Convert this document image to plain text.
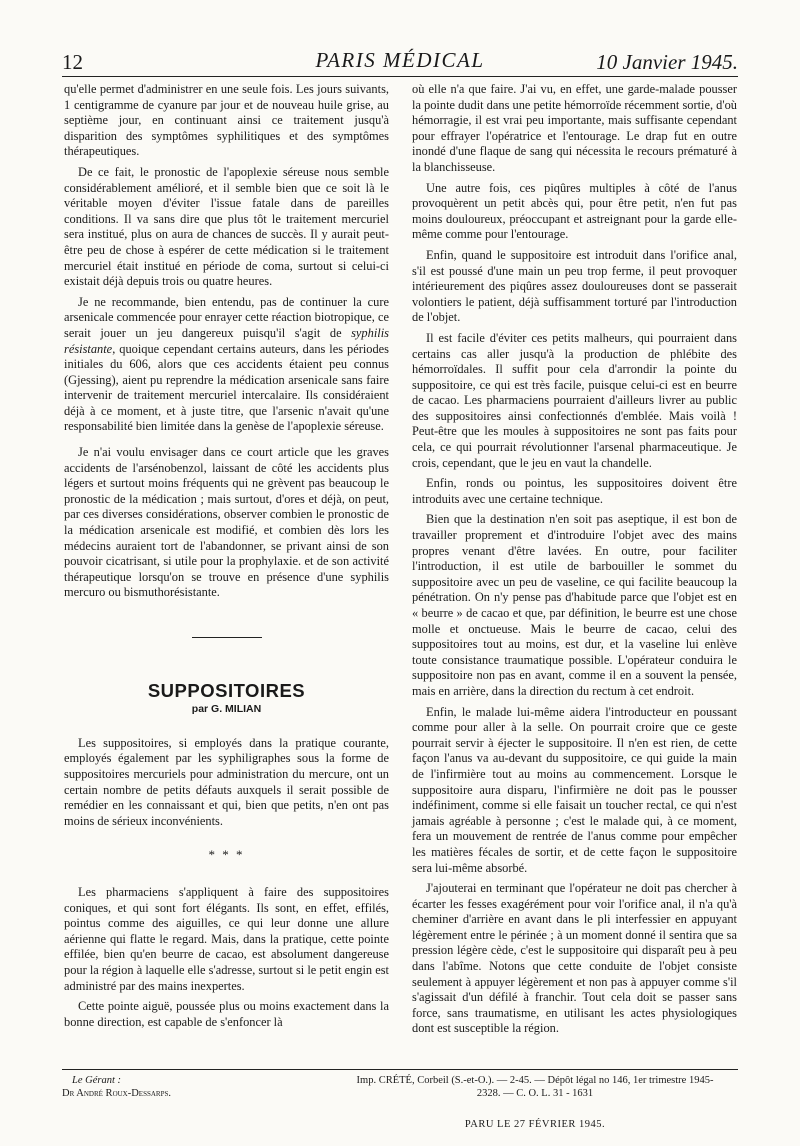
12	PARIS MÉDICAL	10 Janvier 1945.

qu'elle permet d'administrer en une seule fois. Les jours suivants, 1 centigramme de cyanure par jour et de nouveau huile grise, au septième jour, en continuant ainsi ce traitement jusqu'à disparition des symptômes syphilitiques et des symptômes thérapeutiques.

De ce fait, le pronostic de l'apoplexie séreuse nous semble considérablement amélioré, et il semble bien que ce soit là le véritable moyen d'éviter l'issue fatale dans de pareilles conditions. Il va sans dire que plus tôt le traitement mercuriel sera institué, plus on aura de chances de succès. Il y aurait peut-être peu de chose à espérer de cette médication si le traitement mercuriel était institué en période de coma, surtout si celui-ci existait déjà depuis trois ou quatre heures.

Je ne recommande, bien entendu, pas de continuer la cure arsenicale commencée pour enrayer cette réaction biotropique, ce serait jouer un jeu dangereux puisqu'il s'agit de syphilis résistante, quoique cependant certains auteurs, dans les périodes initiales du 606, alors que ces accidents étaient peu connus (Gjessing), aient pu reprendre la médication arsenicale sans faire intervenir de traitement mercuriel intercalaire. Ils considéraient déjà à ce moment, et à juste titre, que l'arsenic n'avait qu'une responsabilité bien limitée dans la genèse de l'apoplexie séreuse.

Je n'ai voulu envisager dans ce court article que les graves accidents de l'arsénobenzol, laissant de côté les accidents plus légers et surtout moins fréquents qui ne grèvent pas beaucoup le pronostic de la médication ; mais surtout, d'ores et déjà, on peut, par ces diverses considérations, observer combien le pronostic de la médication arsenicale est modifié, et combien dès lors les médecins auraient tort de l'abandonner, se privant ainsi de son pouvoir cicatrisant, si utile pour la prophylaxie. et de son activité thérapeutique lorsqu'on se trouve en présence d'une syphilis mercuro ou bismuthorésistante.

SUPPOSITOIRES
par G. MILIAN

Les suppositoires, si employés dans la pratique courante, employés également par les syphiligraphes sous la forme de suppositoires mercuriels pour administration du mercure, ont un certain nombre de petits défauts auxquels il serait possible de remédier en les connaissant et qui, bien que petits, n'en ont pas moins de sérieux inconvénients.

* * *

Les pharmaciens s'appliquent à faire des suppositoires coniques, et qui sont fort élégants. Ils sont, en effet, effilés, pointus comme des aiguilles, ce qui leur donne une allure aérienne qui flatte le regard. Mais, dans la pratique, cette pointe effilée, bien qu'en beurre de cacao, est absolument dangereuse pour la région à laquelle elle s'adresse, surtout si le petit engin est administré par des mains inexpertes.

Cette pointe aiguë, poussée plus ou moins exactement dans la bonne direction, est capable de s'enfoncer là

où elle n'a que faire. J'ai vu, en effet, une garde-malade pousser la pointe dudit dans une petite hémorroïde récemment sortie, d'où hémorragie, il est vrai peu importante, mais suffisante cependant pour effrayer l'opératrice et l'entourage. Le drap fut en outre inondé d'une flaque de sang qui nécessita le recours prématuré à la blanchisseuse.

Une autre fois, ces piqûres multiples à côté de l'anus provoquèrent un petit abcès qui, pour être petit, n'en fut pas moins douloureux, préoccupant et astreignant pour la garde elle-même comme pour l'entourage.

Enfin, quand le suppositoire est introduit dans l'orifice anal, s'il est poussé d'une main un peu trop ferme, il peut provoquer intérieurement des piqûres assez douloureuses dont se passerait volontiers le patient, déjà suffisamment torturé par l'introduction de l'objet.

Il est facile d'éviter ces petits malheurs, qui pourraient dans certains cas aller jusqu'à la production de phlébite des hémorroïdales. Il suffit pour cela d'arrondir la pointe du suppositoire, ce qui est très facile, puisque celui-ci est en beurre de cacao. Les pharmaciens pourraient d'ailleurs livrer au public des suppositoires ainsi confectionnés d'emblée. Mais voilà ! Peut-être que les moules à suppositoires ne sont pas faits pour cela, ce qui pourrait révolutionner l'arsenal pharmaceutique. Je crois, cependant, que le jeu en vaut la chandelle.

Enfin, ronds ou pointus, les suppositoires doivent être introduits avec une certaine technique.

Bien que la destination n'en soit pas aseptique, il est bon de travailler proprement et d'introduire l'objet avec des mains propres venant d'être lavées. En outre, pour faciliter l'introduction, il est utile de barbouiller le sommet du suppositoire avec un peu de vaseline, ce qui facilite beaucoup la pénétration. On n'y pense pas d'habitude parce que l'objet est en « beurre » de cacao et que, par définition, le beurre est une chose molle et onctueuse. Mais le beurre de cacao, celui des suppositoires tout au moins, est dur, et la vaseline lui enlève toute consistance traumatique possible. L'opérateur conduira le suppositoire non pas en avant, comme il en a souvent la pensée, mais en arrière, dans la direction du rectum à cet endroit.

Enfin, le malade lui-même aidera l'introducteur en poussant comme pour aller à la selle. On pourrait croire que ce geste pourrait servir à éjecter le suppositoire. Il n'en est rien, de cette façon l'anus va au-devant du suppositoire, ce qui guide la main de l'infirmière tout au moins au commencement. Lorsque le suppositoire aura disparu, l'infirmière ne doit pas le pousser indéfiniment, comme si elle faisait un toucher rectal, ce qui n'est jamais agréable à personne ; c'est le malade qui, à ce moment, fera un mouvement de rentrée de l'anus comme pour empêcher les matières fécales de sortir, et de cette façon le suppositoire sera lui-même absorbé.

J'ajouterai en terminant que l'opérateur ne doit pas chercher à écarter les fesses exagérément pour voir l'orifice anal, il n'a qu'à cheminer d'arrière en avant dans le pli interfessier en appuyant légèrement entre le périnée ; à un moment donné il sentira que sa pression légère cède, c'est le suppositoire qui disparaît peu à peu dans l'abîme. Notons que cette conduite de l'objet consiste seulement à appuyer légèrement et non pas à appuyer comme s'il s'agissait d'un défilé à franchir. Tout cela doit se passer sans force, sans traumatisme, en utilisant les actes physiologiques dont est susceptible la région.

Le Gérant :
Dr André Roux-Dessarps.
Imp. CRÉTÉ, Corbeil (S.-et-O.). — 2-45. — Dépôt légal no 146, 1er trimestre 1945-
2328. — C. O. L. 31 - 1631
PARU LE 27 FÉVRIER 1945.
